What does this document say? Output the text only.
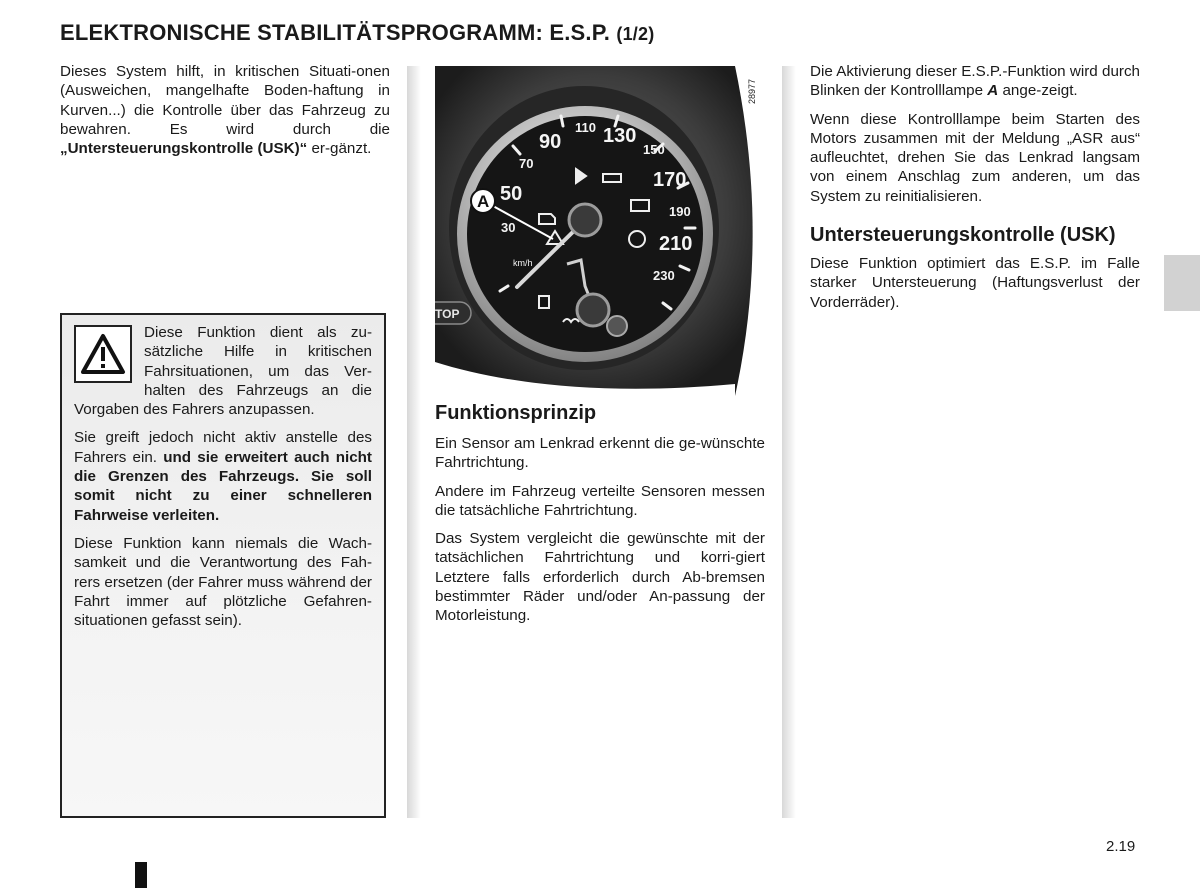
ELEKTRONISCHE STABILITÄTSPROGRAMM: E.S.P. (1/2)

Dieses System hilft, in kritischen Situati-onen (Ausweichen, mangelhafte Boden-haftung in Kurven...) die Kontrolle über das Fahrzeug zu bewahren. Es wird durch die „Untersteuerungskontrolle (USK)“ er-gänzt.

Diese Funktion dient als zu-sätzliche Hilfe in kritischen Fahrsituationen, um das Ver-halten des Fahrzeugs an die Vorgaben des Fahrers anzupassen.

Sie greift jedoch nicht aktiv anstelle des Fahrers ein. und sie erweitert auch nicht die Grenzen des Fahrzeugs. Sie soll somit nicht zu einer schnelleren Fahrweise verleiten.

Diese Funktion kann niemals die Wach-samkeit und die Verantwortung des Fah-rers ersetzen (der Fahrer muss während der Fahrt immer auf plötzliche Gefahren-situationen gefasst sein).

50
90 130
170
210
30
70
110
150
190
230
km/h
A
TOP
28977
Funktionsprinzip

Ein Sensor am Lenkrad erkennt die ge-wünschte Fahrtrichtung.

Andere im Fahrzeug verteilte Sensoren messen die tatsächliche Fahrtrichtung.

Das System vergleicht die gewünschte mit der tatsächlichen Fahrtrichtung und korri-giert Letztere falls erforderlich durch Ab-bremsen bestimmter Räder und/oder An-passung der Motorleistung.

Die Aktivierung dieser E.S.P.-Funktion wird durch Blinken der Kontrolllampe A ange-zeigt.

Wenn diese Kontrolllampe beim Starten des Motors zusammen mit der Meldung „ASR aus“ aufleuchtet, drehen Sie das Lenkrad langsam von einem Anschlag zum anderen, um das System zu reinitialisieren.

Untersteuerungskontrolle (USK)

Diese Funktion optimiert das E.S.P. im Falle starker Untersteuerung (Haftungsverlust der Vorderräder).

2.19
